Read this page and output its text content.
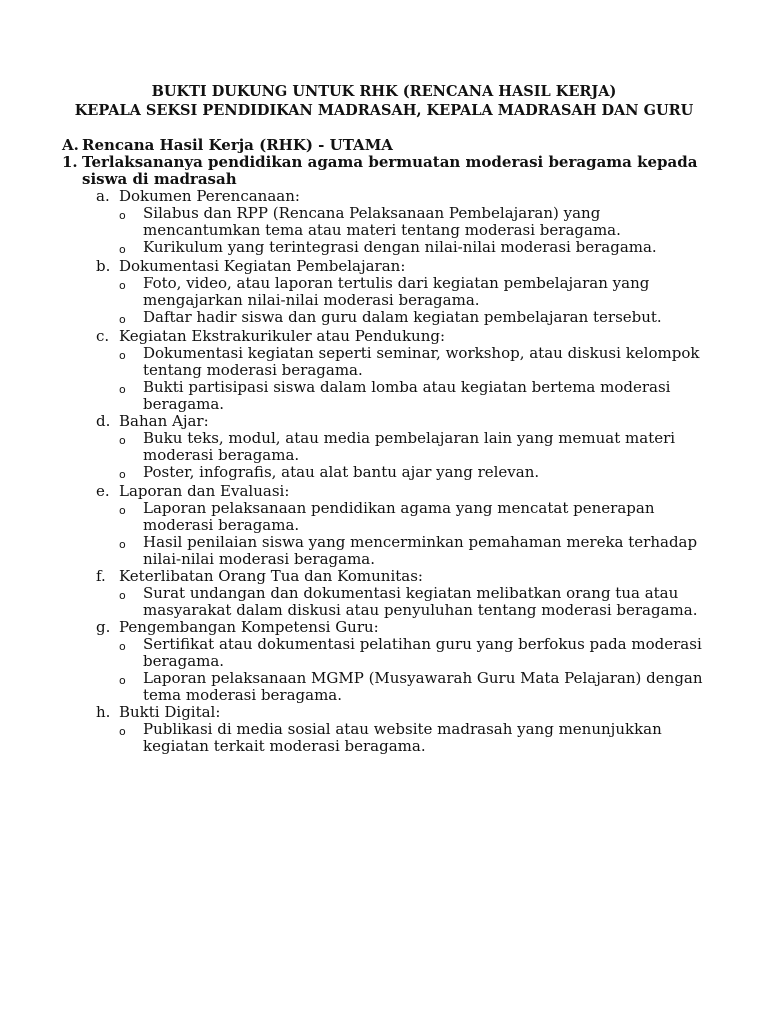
BUKTI DUKUNG UNTUK RHK (RENCANA HASIL KERJA)
KEPALA SEKSI PENDIDIKAN MADRASAH, KEPALA MADRASAH DAN GURU
A. Rencana Hasil Kerja (RHK) - UTAMA
1. Terlaksananya pendidikan agama bermuatan moderasi beragama kepada siswa di madrasah
a. Dokumen Perencanaan:
o	Silabus dan RPP (Rencana Pelaksanaan Pembelajaran) yang mencantumkan tema atau materi tentang moderasi beragama.
o	Kurikulum yang terintegrasi dengan nilai-nilai moderasi beragama.
b. Dokumentasi Kegiatan Pembelajaran:
o	Foto, video, atau laporan tertulis dari kegiatan pembelajaran yang mengajarkan nilai-nilai moderasi beragama.
o	Daftar hadir siswa dan guru dalam kegiatan pembelajaran tersebut.
c. Kegiatan Ekstrakurikuler atau Pendukung:
o	Dokumentasi kegiatan seperti seminar, workshop, atau diskusi kelompok tentang moderasi beragama.
o	Bukti partisipasi siswa dalam lomba atau kegiatan bertema moderasi beragama.
d. Bahan Ajar:
o	Buku teks, modul, atau media pembelajaran lain yang memuat materi moderasi beragama.
o	Poster, infografis, atau alat bantu ajar yang relevan.
e. Laporan dan Evaluasi:
o	Laporan pelaksanaan pendidikan agama yang mencatat penerapan moderasi beragama.
o	Hasil penilaian siswa yang mencerminkan pemahaman mereka terhadap nilai-nilai moderasi beragama.
f. Keterlibatan Orang Tua dan Komunitas:
o	Surat undangan dan dokumentasi kegiatan melibatkan orang tua atau masyarakat dalam diskusi atau penyuluhan tentang moderasi beragama.
g. Pengembangan Kompetensi Guru:
o	Sertifikat atau dokumentasi pelatihan guru yang berfokus pada moderasi beragama.
o	Laporan pelaksanaan MGMP (Musyawarah Guru Mata Pelajaran) dengan tema moderasi beragama.
h. Bukti Digital:
o	Publikasi di media sosial atau website madrasah yang menunjukkan kegiatan terkait moderasi beragama.
